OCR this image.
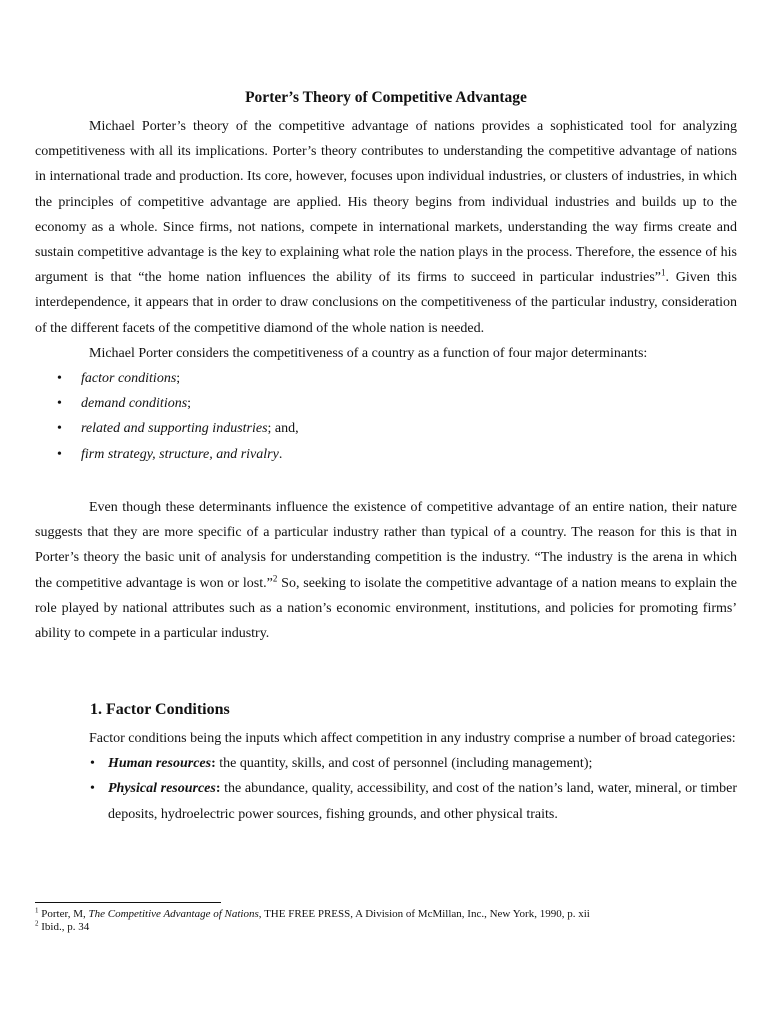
Porter’s Theory of Competitive Advantage

Michael Porter’s theory of the competitive advantage of nations provides a sophisticated tool for analyzing competitiveness with all its implications. Porter’s theory contributes to understanding the competitive advantage of nations in international trade and production. Its core, however, focuses upon individual industries, or clusters of industries, in which the principles of competitive advantage are applied. His theory begins from individual industries and builds up to the economy as a whole. Since firms, not nations, compete in international markets, understanding the way firms create and sustain competitive advantage is the key to explaining what role the nation plays in the process. Therefore, the essence of his argument is that “the home nation influences the ability of its firms to succeed in particular industries”$^1$. Given this interdependence, it appears that in order to draw conclusions on the competitiveness of the particular industry, consideration of the different facets of the competitive diamond of the whole nation is needed.

Michael Porter considers the competitiveness of a country as a function of four major determinants:

• factor conditions;
• demand conditions;
• related and supporting industries; and,
• firm strategy, structure, and rivalry.

Even though these determinants influence the existence of competitive advantage of an entire nation, their nature suggests that they are more specific of a particular industry rather than typical of a country. The reason for this is that in Porter’s theory the basic unit of analysis for understanding competition is the industry. “The industry is the arena in which the competitive advantage is won or lost.”$^2$ So, seeking to isolate the competitive advantage of a nation means to explain the role played by national attributes such as a nation’s economic environment, institutions, and policies for promoting firms’ ability to compete in a particular industry.

1. Factor Conditions

Factor conditions being the inputs which affect competition in any industry comprise a number of broad categories:

• Human resources: the quantity, skills, and cost of personnel (including management);
• Physical resources: the abundance, quality, accessibility, and cost of the nation’s land, water, mineral, or timber deposits, hydroelectric power sources, fishing grounds, and other physical traits.

$^1$ Porter, M, The Competitive Advantage of Nations, THE FREE PRESS, A Division of McMillan, Inc., New York, 1990, p. xii

$^2$ Ibid., p. 34
